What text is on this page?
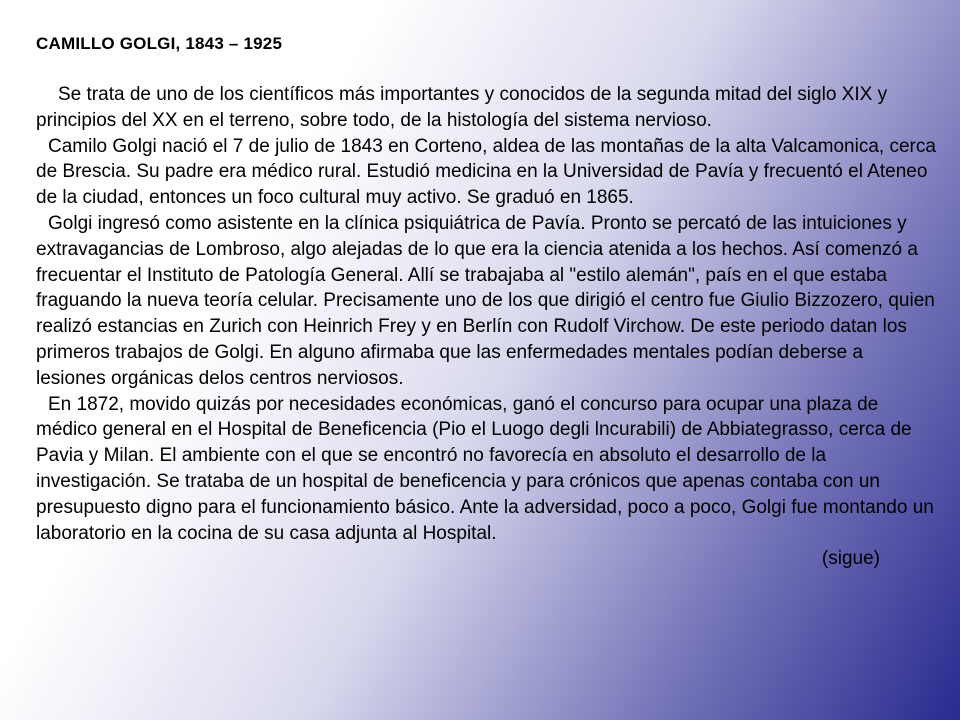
CAMILLO GOLGI, 1843 – 1925
Se trata de uno de los científicos más importantes y conocidos de la segunda mitad del siglo XIX y principios del XX en el terreno, sobre todo, de la histología del sistema nervioso.
Camilo Golgi nació el 7 de julio de 1843 en Corteno, aldea de las montañas de la alta Valcamonica, cerca de Brescia. Su padre era médico rural. Estudió medicina en la Universidad de Pavía y frecuentó el Ateneo de la ciudad, entonces un foco cultural muy activo. Se graduó en 1865.
Golgi ingresó como asistente en la clínica psiquiátrica de Pavía. Pronto se percató de las intuiciones y extravagancias de Lombroso, algo alejadas de lo que era la ciencia atenida a los hechos. Así comenzó a frecuentar el Instituto de Patología General. Allí se trabajaba al "estilo alemán", país en el que estaba fraguando la nueva teoría celular. Precisamente uno de los que dirigió el centro fue Giulio Bizzozero, quien realizó estancias en Zurich con Heinrich Frey y en Berlín con Rudolf Virchow. De este periodo datan los primeros trabajos de Golgi. En alguno afirmaba que las enfermedades mentales podían deberse a lesiones orgánicas delos centros nerviosos.
En 1872, movido quizás por necesidades económicas, ganó el concurso para ocupar una plaza de médico general en el Hospital de Beneficencia (Pio el Luogo degli lncurabili) de Abbiategrasso, cerca de Pavia y Milan. El ambiente con el que se encontró no favorecía en absoluto el desarrollo de la investigación. Se trataba de un hospital de beneficencia y para crónicos que apenas contaba con un presupuesto digno para el funcionamiento básico. Ante la adversidad, poco a poco, Golgi fue montando un laboratorio en la cocina de su casa adjunta al Hospital.
(sigue)
